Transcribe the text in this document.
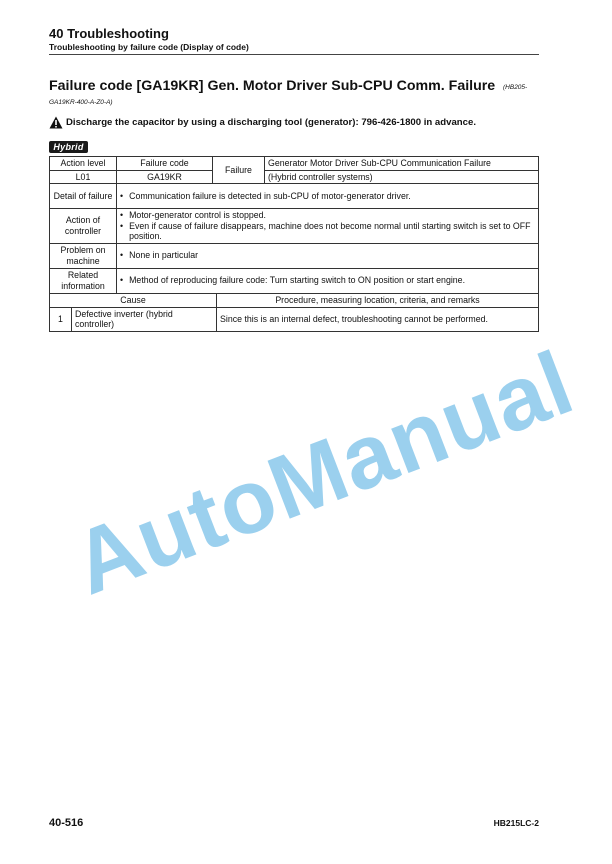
40 Troubleshooting
Troubleshooting by failure code (Display of code)
Failure code [GA19KR] Gen. Motor Driver Sub-CPU Comm. Failure (HB205-
GA19KR-400-A-Z0-A)
Discharge the capacitor by using a discharging tool (generator): 796-426-1800 in advance.
Hybrid
Action level	Failure code	Failure	Generator Motor Driver Sub-CPU Communication Failure
L01	GA19KR		(Hybrid controller systems)
Detail of failure	• Communication failure is detected in sub-CPU of motor-generator driver.		

Action of controller	• Motor-generator control is stopped.
• Even if cause of failure disappears, machine does not become normal until starting switch is set to OFF position.		

Problem on machine	• None in particular		

Related information	• Method of reproducing failure code: Turn starting switch to ON position or start engine.		
Cause		Procedure, measuring location, criteria, and remarks
1	Defective inverter (hybrid controller)	Since this is an internal defect, troubleshooting cannot be performed.
AutoManual
40-516	HB215LC-2
